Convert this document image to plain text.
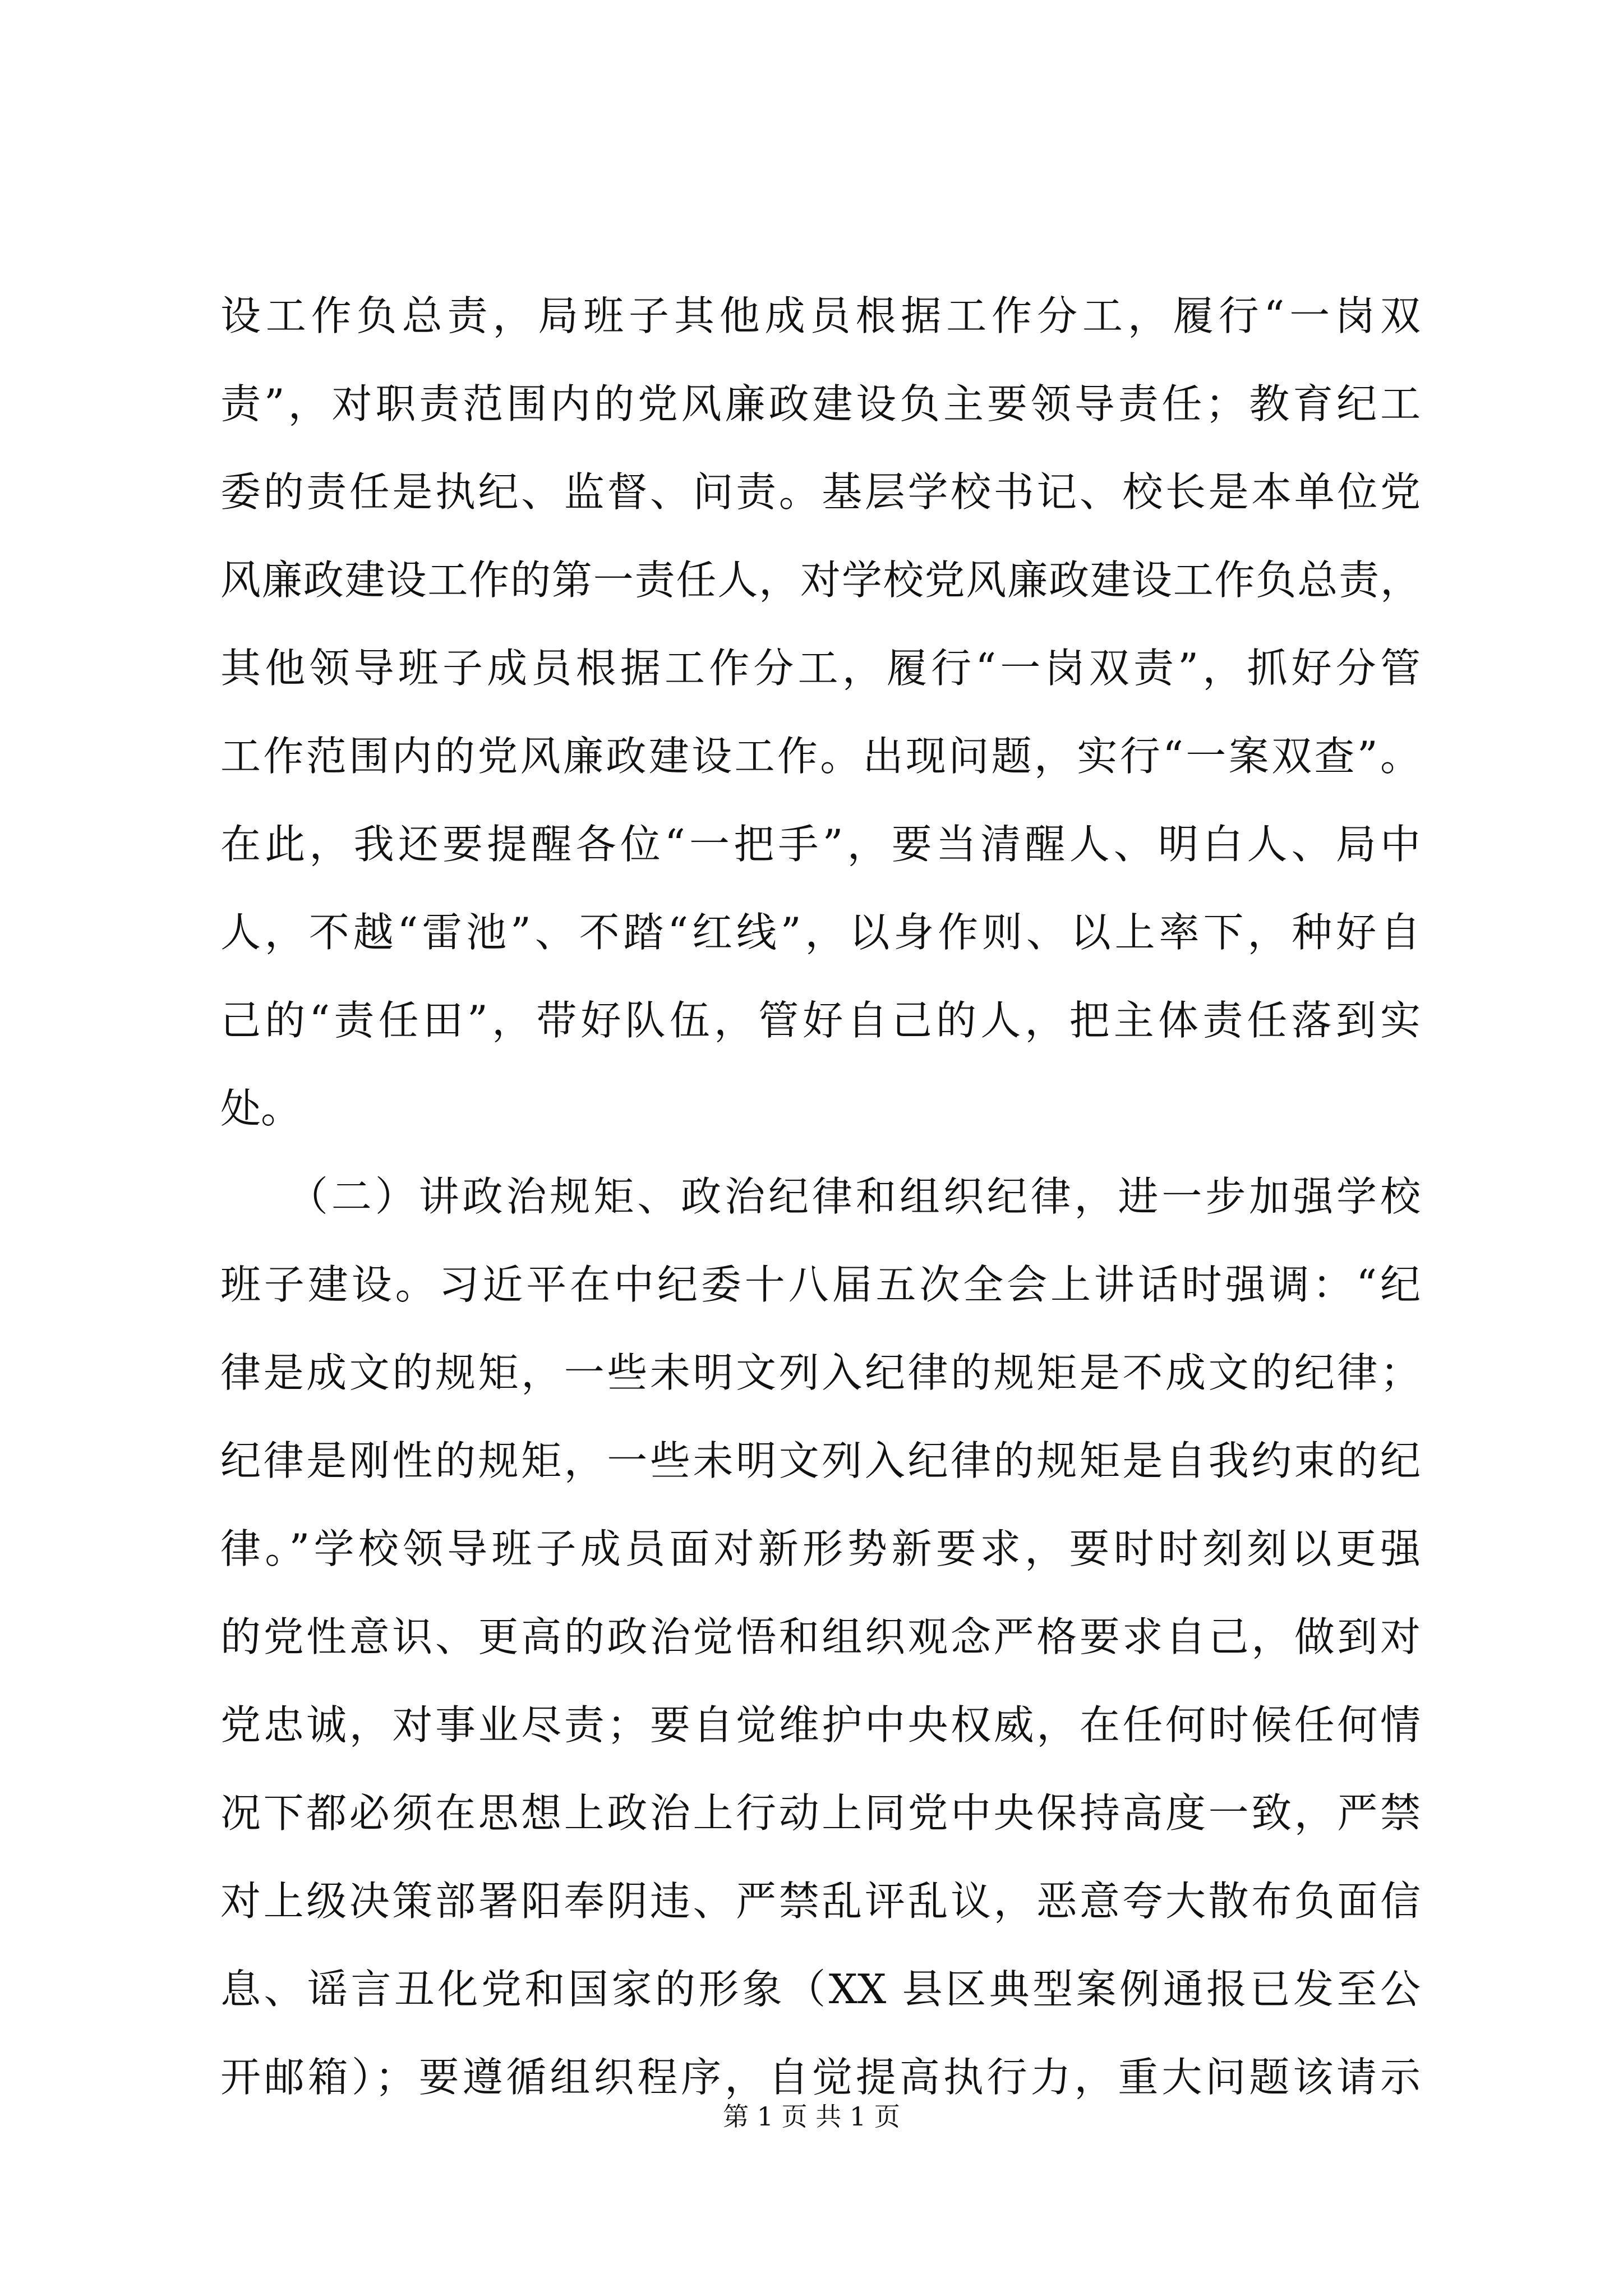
设工作负总责，局班子其他成员根据工作分工，履行“一岗双
责”，对职责范围内的党风廉政建设负主要领导责任；教育纪工
委的责任是执纪、监督、问责。基层学校书记、校长是本单位党
风廉政建设工作的第一责任人，对学校党风廉政建设工作负总责，
其他领导班子成员根据工作分工，履行“一岗双责”，抓好分管
工作范围内的党风廉政建设工作。出现问题，实行“一案双查”。
在此，我还要提醒各位“一把手”，要当清醒人、明白人、局中
人，不越“雷池”、不踏“红线”，以身作则、以上率下，种好自
己的“责任田”，带好队伍，管好自己的人，把主体责任落到实
处。
　　（二）讲政治规矩、政治纪律和组织纪律，进一步加强学校
班子建设。习近平在中纪委十八届五次全会上讲话时强调：“纪
律是成文的规矩，一些未明文列入纪律的规矩是不成文的纪律；
纪律是刚性的规矩，一些未明文列入纪律的规矩是自我约束的纪
律。”学校领导班子成员面对新形势新要求，要时时刻刻以更强
的党性意识、更高的政治觉悟和组织观念严格要求自己，做到对
党忠诚，对事业尽责；要自觉维护中央权威，在任何时候任何情
况下都必须在思想上政治上行动上同党中央保持高度一致，严禁
对上级决策部署阳奉阴违、严禁乱评乱议，恶意夸大散布负面信
息、谣言丑化党和国家的形象（XX 县区典型案例通报已发至公
开邮箱）；要遵循组织程序，自觉提高执行力，重大问题该请示
第 1 页 共 1 页
